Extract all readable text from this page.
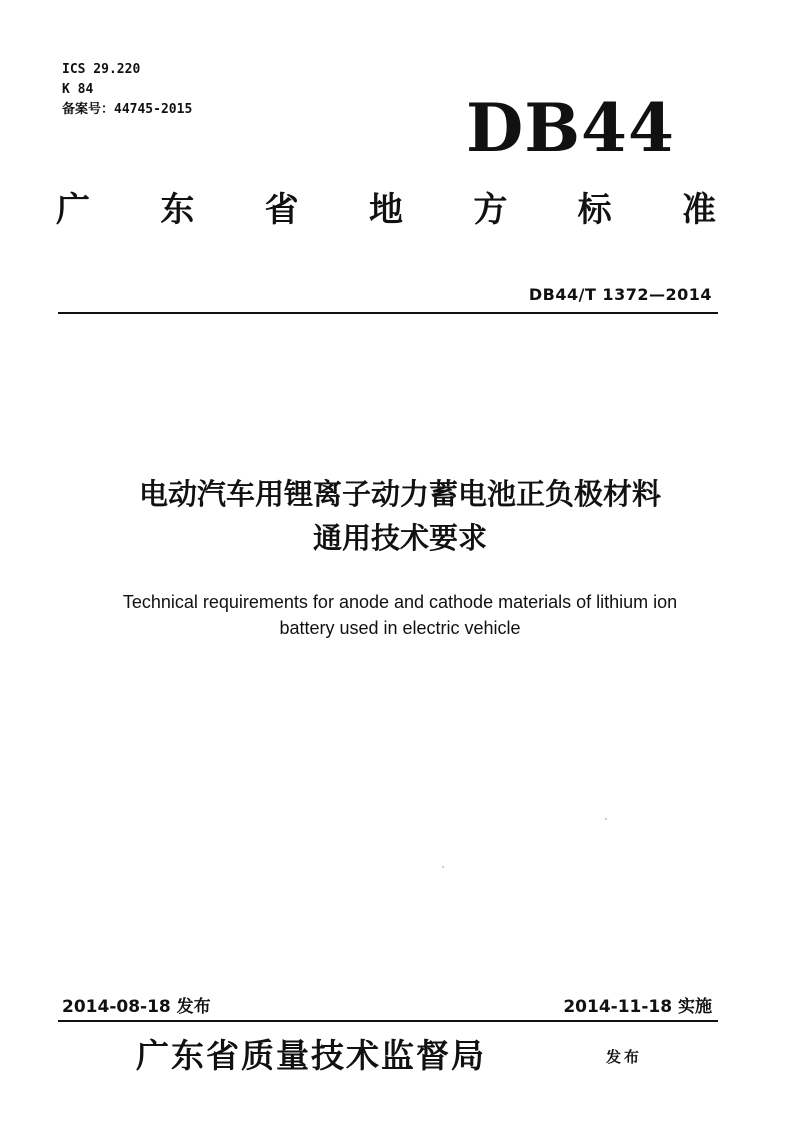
ICS 29.220
K 84
备案号：44745-2015	DB44
广 东 省 地 方 标 准
DB44/T 1372—2014
电动汽车用锂离子动力蓄电池正负极材料
通用技术要求
Technical requirements for anode and cathode materials of lithium ion
battery used in electric vehicle
2014-08-18 发布	2014-11-18 实施
广东省质量技术监督局	发布
